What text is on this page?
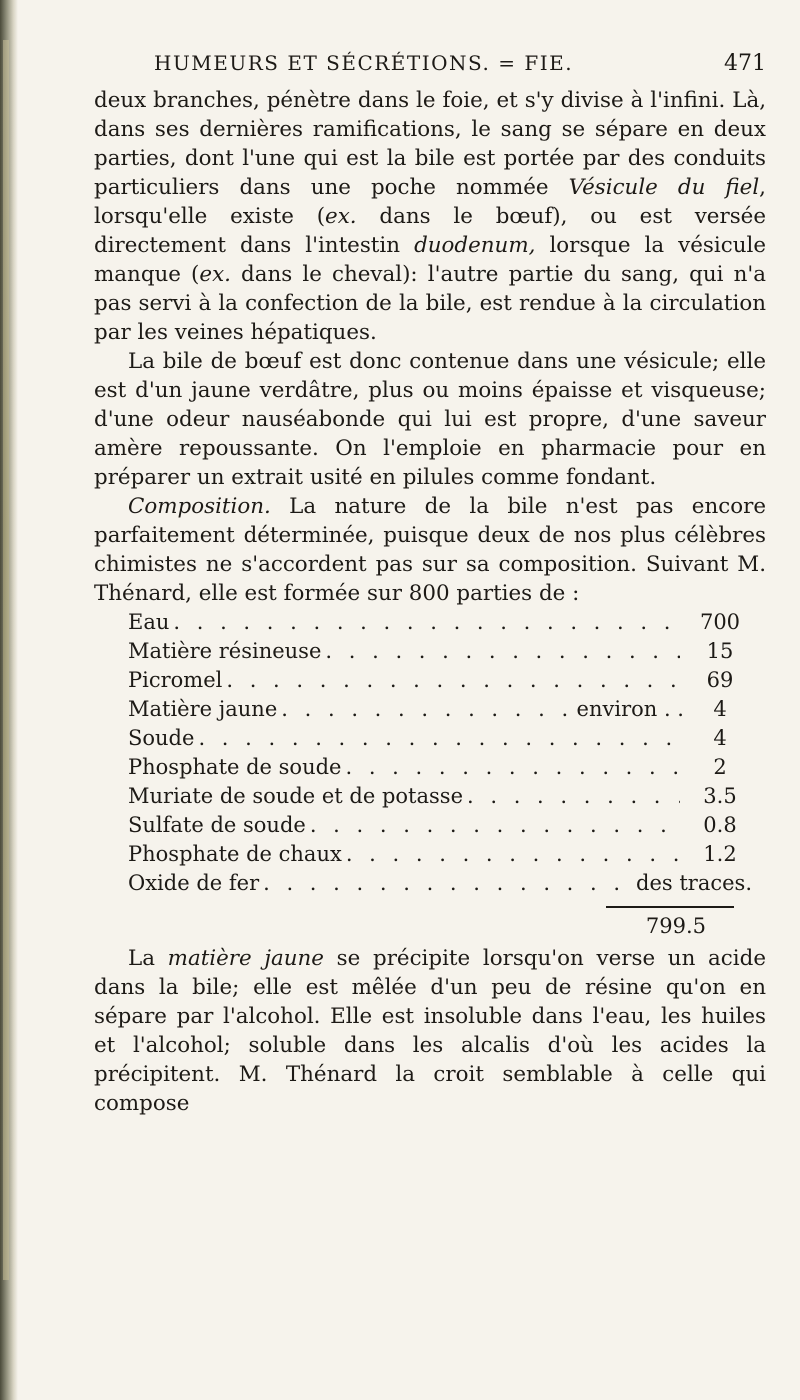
HUMEURS ET SÉCRÉTIONS. = FIE.	471

deux branches, pénètre dans le foie, et s'y divise à l'infini. Là, dans ses dernières ramifications, le sang se sépare en deux parties, dont l'une qui est la bile est portée par des conduits particuliers dans une poche nommée Vésicule du fiel, lorsqu'elle existe (ex. dans le bœuf), ou est versée directement dans l'intestin duodenum, lorsque la vésicule manque (ex. dans le cheval): l'autre partie du sang, qui n'a pas servi à la confection de la bile, est rendue à la circulation par les veines hépatiques.

La bile de bœuf est donc contenue dans une vésicule; elle est d'un jaune verdâtre, plus ou moins épaisse et visqueuse; d'une odeur nauséabonde qui lui est propre, d'une saveur amère repoussante. On l'emploie en pharmacie pour en préparer un extrait usité en pilules comme fondant.

Composition. La nature de la bile n'est pas encore parfaitement déterminée, puisque deux de nos plus célèbres chimistes ne s'accordent pas sur sa composition. Suivant M. Thénard, elle est formée sur 800 parties de :

Eau . . .	700
Matière résineuse . . .	15
Picromel . . .	69
Matière jaune . . .	environ . .	4
Soude . . .	4
Phosphate de soude . . .	2
Muriate de soude et de potasse . . .	3.5
Sulfate de soude . . .	0.8
Phosphate de chaux . . .	1.2
Oxide de fer . . .	des traces.
799.5

La matière jaune se précipite lorsqu'on verse un acide dans la bile; elle est mêlée d'un peu de résine qu'on en sépare par l'alcohol. Elle est insoluble dans l'eau, les huiles et l'alcohol; soluble dans les alcalis d'où les acides la précipitent. M. Thénard la croit semblable à celle qui compose
